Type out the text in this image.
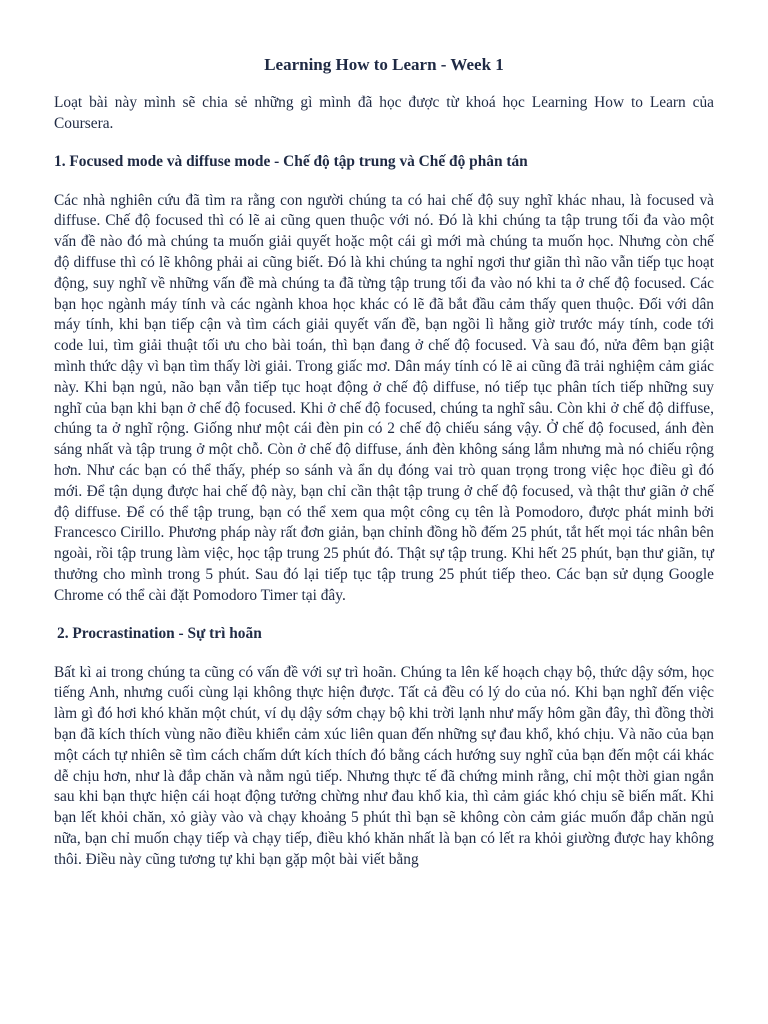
Learning How to Learn - Week 1

Loạt bài này mình sẽ chia sẻ những gì mình đã học được từ khoá học Learning How to Learn của Coursera.

1. Focused mode và diffuse mode - Chế độ tập trung và Chế độ phân tán

Các nhà nghiên cứu đã tìm ra rằng con người chúng ta có hai chế độ suy nghĩ khác nhau, là focused và diffuse. Chế độ focused thì có lẽ ai cũng quen thuộc với nó. Đó là khi chúng ta tập trung tối đa vào một vấn đề nào đó mà chúng ta muốn giải quyết hoặc một cái gì mới mà chúng ta muốn học. Nhưng còn chế độ diffuse thì có lẽ không phải ai cũng biết. Đó là khi chúng ta nghỉ ngơi thư giãn thì não vẫn tiếp tục hoạt động, suy nghĩ về những vấn đề mà chúng ta đã từng tập trung tối đa vào nó khi ta ở chế độ focused. Các bạn học ngành máy tính và các ngành khoa học khác có lẽ đã bắt đầu cảm thấy quen thuộc. Đối với dân máy tính, khi bạn tiếp cận và tìm cách giải quyết vấn đề, bạn ngồi lì hằng giờ trước máy tính, code tới code lui, tìm giải thuật tối ưu cho bài toán, thì bạn đang ở chế độ focused. Và sau đó, nửa đêm bạn giật mình thức dậy vì bạn tìm thấy lời giải. Trong giấc mơ. Dân máy tính có lẽ ai cũng đã trải nghiệm cảm giác này. Khi bạn ngủ, não bạn vẫn tiếp tục hoạt động ở chế độ diffuse, nó tiếp tục phân tích tiếp những suy nghĩ của bạn khi bạn ở chế độ focused. Khi ở chế độ focused, chúng ta nghĩ sâu. Còn khi ở chế độ diffuse, chúng ta ở nghĩ rộng. Giống như một cái đèn pin có 2 chế độ chiếu sáng vậy. Ở chế độ focused, ánh đèn sáng nhất và tập trung ở một chỗ. Còn ở chế độ diffuse, ánh đèn không sáng lắm nhưng mà nó chiếu rộng hơn. Như các bạn có thể thấy, phép so sánh và ẩn dụ đóng vai trò quan trọng trong việc học điều gì đó mới. Để tận dụng được hai chế độ này, bạn chỉ cần thật tập trung ở chế độ focused, và thật thư giãn ở chế độ diffuse. Để có thể tập trung, bạn có thể xem qua một công cụ tên là Pomodoro, được phát minh bởi Francesco Cirillo. Phương pháp này rất đơn giản, bạn chỉnh đồng hồ đếm 25 phút, tắt hết mọi tác nhân bên ngoài, rồi tập trung làm việc, học tập trung 25 phút đó. Thật sự tập trung. Khi hết 25 phút, bạn thư giãn, tự thưởng cho mình trong 5 phút. Sau đó lại tiếp tục tập trung 25 phút tiếp theo. Các bạn sử dụng Google Chrome có thể cài đặt Pomodoro Timer tại đây.

2. Procrastination - Sự trì hoãn

Bất kì ai trong chúng ta cũng có vấn đề với sự trì hoãn. Chúng ta lên kế hoạch chạy bộ, thức dậy sớm, học tiếng Anh, nhưng cuối cùng lại không thực hiện được. Tất cả đều có lý do của nó. Khi bạn nghĩ đến việc làm gì đó hơi khó khăn một chút, ví dụ dậy sớm chạy bộ khi trời lạnh như mấy hôm gần đây, thì đồng thời bạn đã kích thích vùng não điều khiển cảm xúc liên quan đến những sự đau khổ, khó chịu. Và não của bạn một cách tự nhiên sẽ tìm cách chấm dứt kích thích đó bằng cách hướng suy nghĩ của bạn đến một cái khác dễ chịu hơn, như là đắp chăn và nằm ngủ tiếp. Nhưng thực tế đã chứng minh rằng, chỉ một thời gian ngắn sau khi bạn thực hiện cái hoạt động tưởng chừng như đau khổ kia, thì cảm giác khó chịu sẽ biến mất. Khi bạn lết khỏi chăn, xỏ giày vào và chạy khoảng 5 phút thì bạn sẽ không còn cảm giác muốn đắp chăn ngủ nữa, bạn chỉ muốn chạy tiếp và chạy tiếp, điều khó khăn nhất là bạn có lết ra khỏi giường được hay không thôi. Điều này cũng tương tự khi bạn gặp một bài viết bằng
